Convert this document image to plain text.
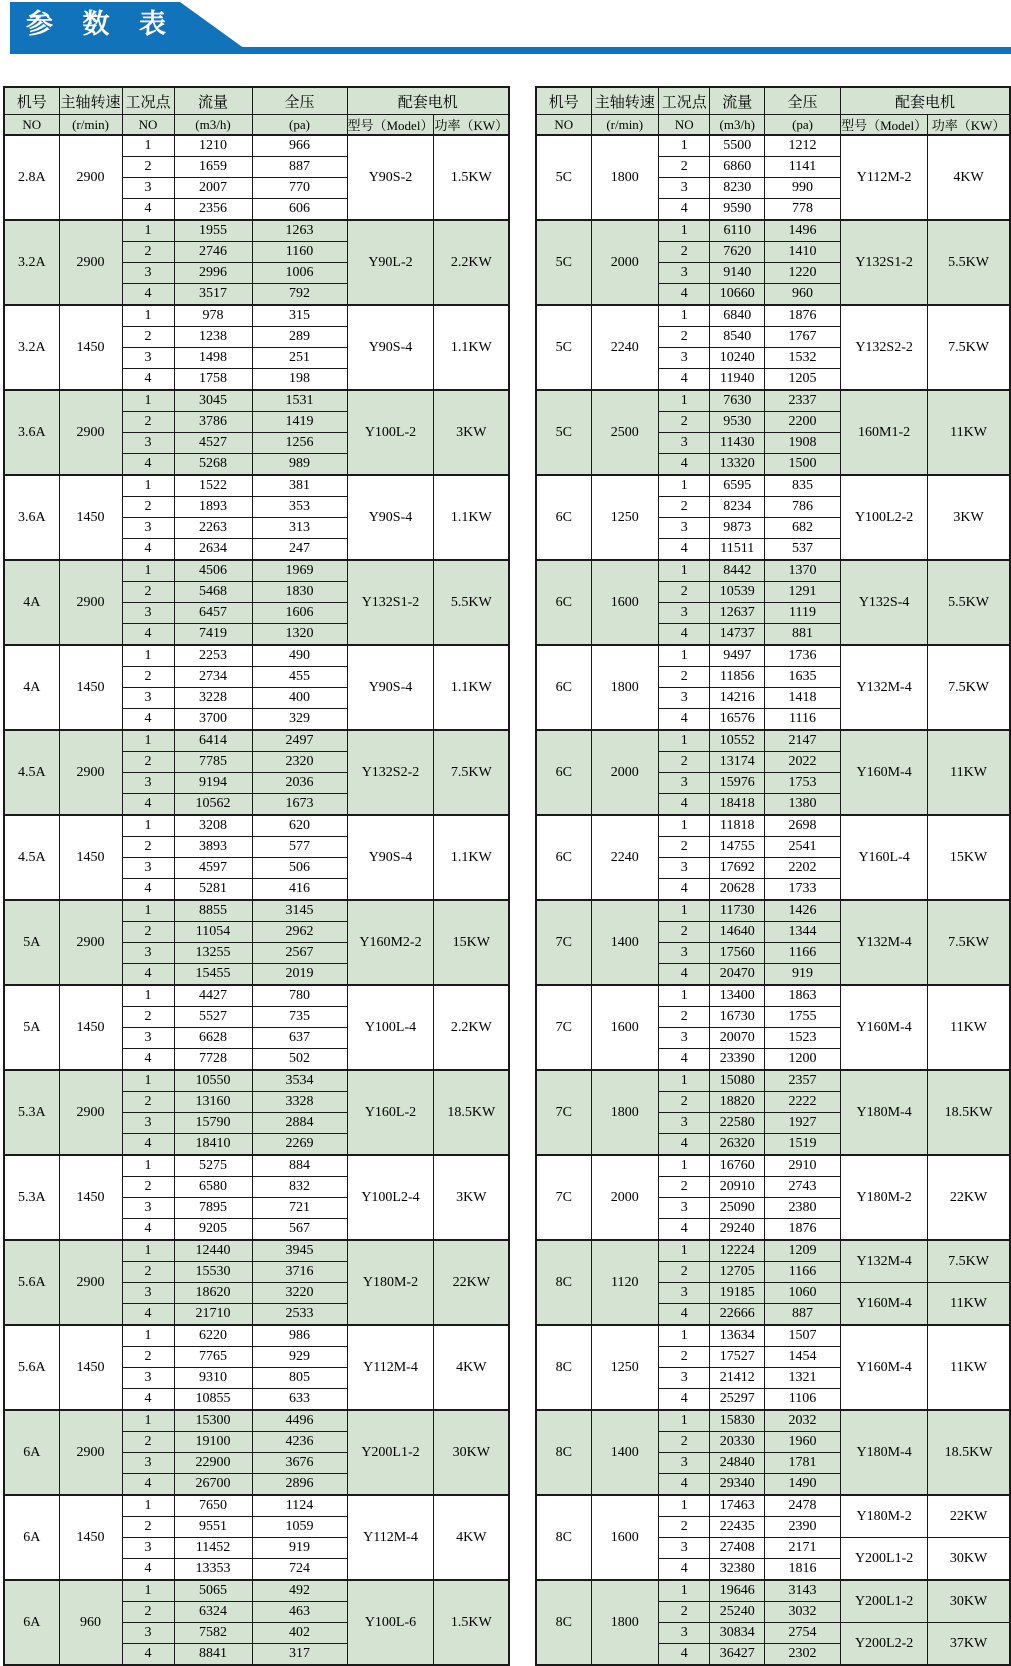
参 数 表
机号	主轴转速	工况点	流量	全压	配套电机	
NO	(r/min)	NO	(m3/h)	(pa)	型号（Model）	功率（KW）
2.8A	2900	1	1210	966	Y90S-2	1.5KW
		2	1659	887		
		3	2007	770		
		4	2356	606		
3.2A	2900	1	1955	1263	Y90L-2	2.2KW
		2	2746	1160		
		3	2996	1006		
		4	3517	792		
3.2A	1450	1	978	315	Y90S-4	1.1KW
		2	1238	289		
		3	1498	251		
		4	1758	198		
3.6A	2900	1	3045	1531	Y100L-2	3KW
		2	3786	1419		
		3	4527	1256		
		4	5268	989		
3.6A	1450	1	1522	381	Y90S-4	1.1KW
		2	1893	353		
		3	2263	313		
		4	2634	247		
4A	2900	1	4506	1969	Y132S1-2	5.5KW
		2	5468	1830		
		3	6457	1606		
		4	7419	1320		
4A	1450	1	2253	490	Y90S-4	1.1KW
		2	2734	455		
		3	3228	400		
		4	3700	329		
4.5A	2900	1	6414	2497	Y132S2-2	7.5KW
		2	7785	2320		
		3	9194	2036		
		4	10562	1673		
4.5A	1450	1	3208	620	Y90S-4	1.1KW
		2	3893	577		
		3	4597	506		
		4	5281	416		
5A	2900	1	8855	3145	Y160M2-2	15KW
		2	11054	2962		
		3	13255	2567		
		4	15455	2019		
5A	1450	1	4427	780	Y100L-4	2.2KW
		2	5527	735		
		3	6628	637		
		4	7728	502		
5.3A	2900	1	10550	3534	Y160L-2	18.5KW
		2	13160	3328		
		3	15790	2884		
		4	18410	2269		
5.3A	1450	1	5275	884	Y100L2-4	3KW
		2	6580	832		
		3	7895	721		
		4	9205	567		
5.6A	2900	1	12440	3945	Y180M-2	22KW
		2	15530	3716		
		3	18620	3220		
		4	21710	2533		
5.6A	1450	1	6220	986	Y112M-4	4KW
		2	7765	929		
		3	9310	805		
		4	10855	633		
6A	2900	1	15300	4496	Y200L1-2	30KW
		2	19100	4236		
		3	22900	3676		
		4	26700	2896		
6A	1450	1	7650	1124	Y112M-4	4KW
		2	9551	1059		
		3	11452	919		
		4	13353	724		
6A	960	1	5065	492	Y100L-6	1.5KW
		2	6324	463		
		3	7582	402		
		4	8841	317		
机号	主轴转速	工况点	流量	全压	配套电机	
NO	(r/min)	NO	(m3/h)	(pa)	型号（Model）	功率（KW）
5C	1800	1	5500	1212	Y112M-2	4KW
		2	6860	1141		
		3	8230	990		
		4	9590	778		
5C	2000	1	6110	1496	Y132S1-2	5.5KW
		2	7620	1410		
		3	9140	1220		
		4	10660	960		
5C	2240	1	6840	1876	Y132S2-2	7.5KW
		2	8540	1767		
		3	10240	1532		
		4	11940	1205		
5C	2500	1	7630	2337	160M1-2	11KW
		2	9530	2200		
		3	11430	1908		
		4	13320	1500		
6C	1250	1	6595	835	Y100L2-2	3KW
		2	8234	786		
		3	9873	682		
		4	11511	537		
6C	1600	1	8442	1370	Y132S-4	5.5KW
		2	10539	1291		
		3	12637	1119		
		4	14737	881		
6C	1800	1	9497	1736	Y132M-4	7.5KW
		2	11856	1635		
		3	14216	1418		
		4	16576	1116		
6C	2000	1	10552	2147	Y160M-4	11KW
		2	13174	2022		
		3	15976	1753		
		4	18418	1380		
6C	2240	1	11818	2698	Y160L-4	15KW
		2	14755	2541		
		3	17692	2202		
		4	20628	1733		
7C	1400	1	11730	1426	Y132M-4	7.5KW
		2	14640	1344		
		3	17560	1166		
		4	20470	919		
7C	1600	1	13400	1863	Y160M-4	11KW
		2	16730	1755		
		3	20070	1523		
		4	23390	1200		
7C	1800	1	15080	2357	Y180M-4	18.5KW
		2	18820	2222		
		3	22580	1927		
		4	26320	1519		
7C	2000	1	16760	2910	Y180M-2	22KW
		2	20910	2743		
		3	25090	2380		
		4	29240	1876		
8C	1120	1	12224	1209	Y132M-4	7.5KW
		2	12705	1166		
		3	19185	1060	Y160M-4	11KW
		4	22666	887		
8C	1250	1	13634	1507	Y160M-4	11KW
		2	17527	1454		
		3	21412	1321		
		4	25297	1106		
8C	1400	1	15830	2032	Y180M-4	18.5KW
		2	20330	1960		
		3	24840	1781		
		4	29340	1490		
8C	1600	1	17463	2478	Y180M-2	22KW
		2	22435	2390		
		3	27408	2171	Y200L1-2	30KW
		4	32380	1816		
8C	1800	1	19646	3143	Y200L1-2	30KW
		2	25240	3032		
		3	30834	2754	Y200L2-2	37KW
		4	36427	2302		
